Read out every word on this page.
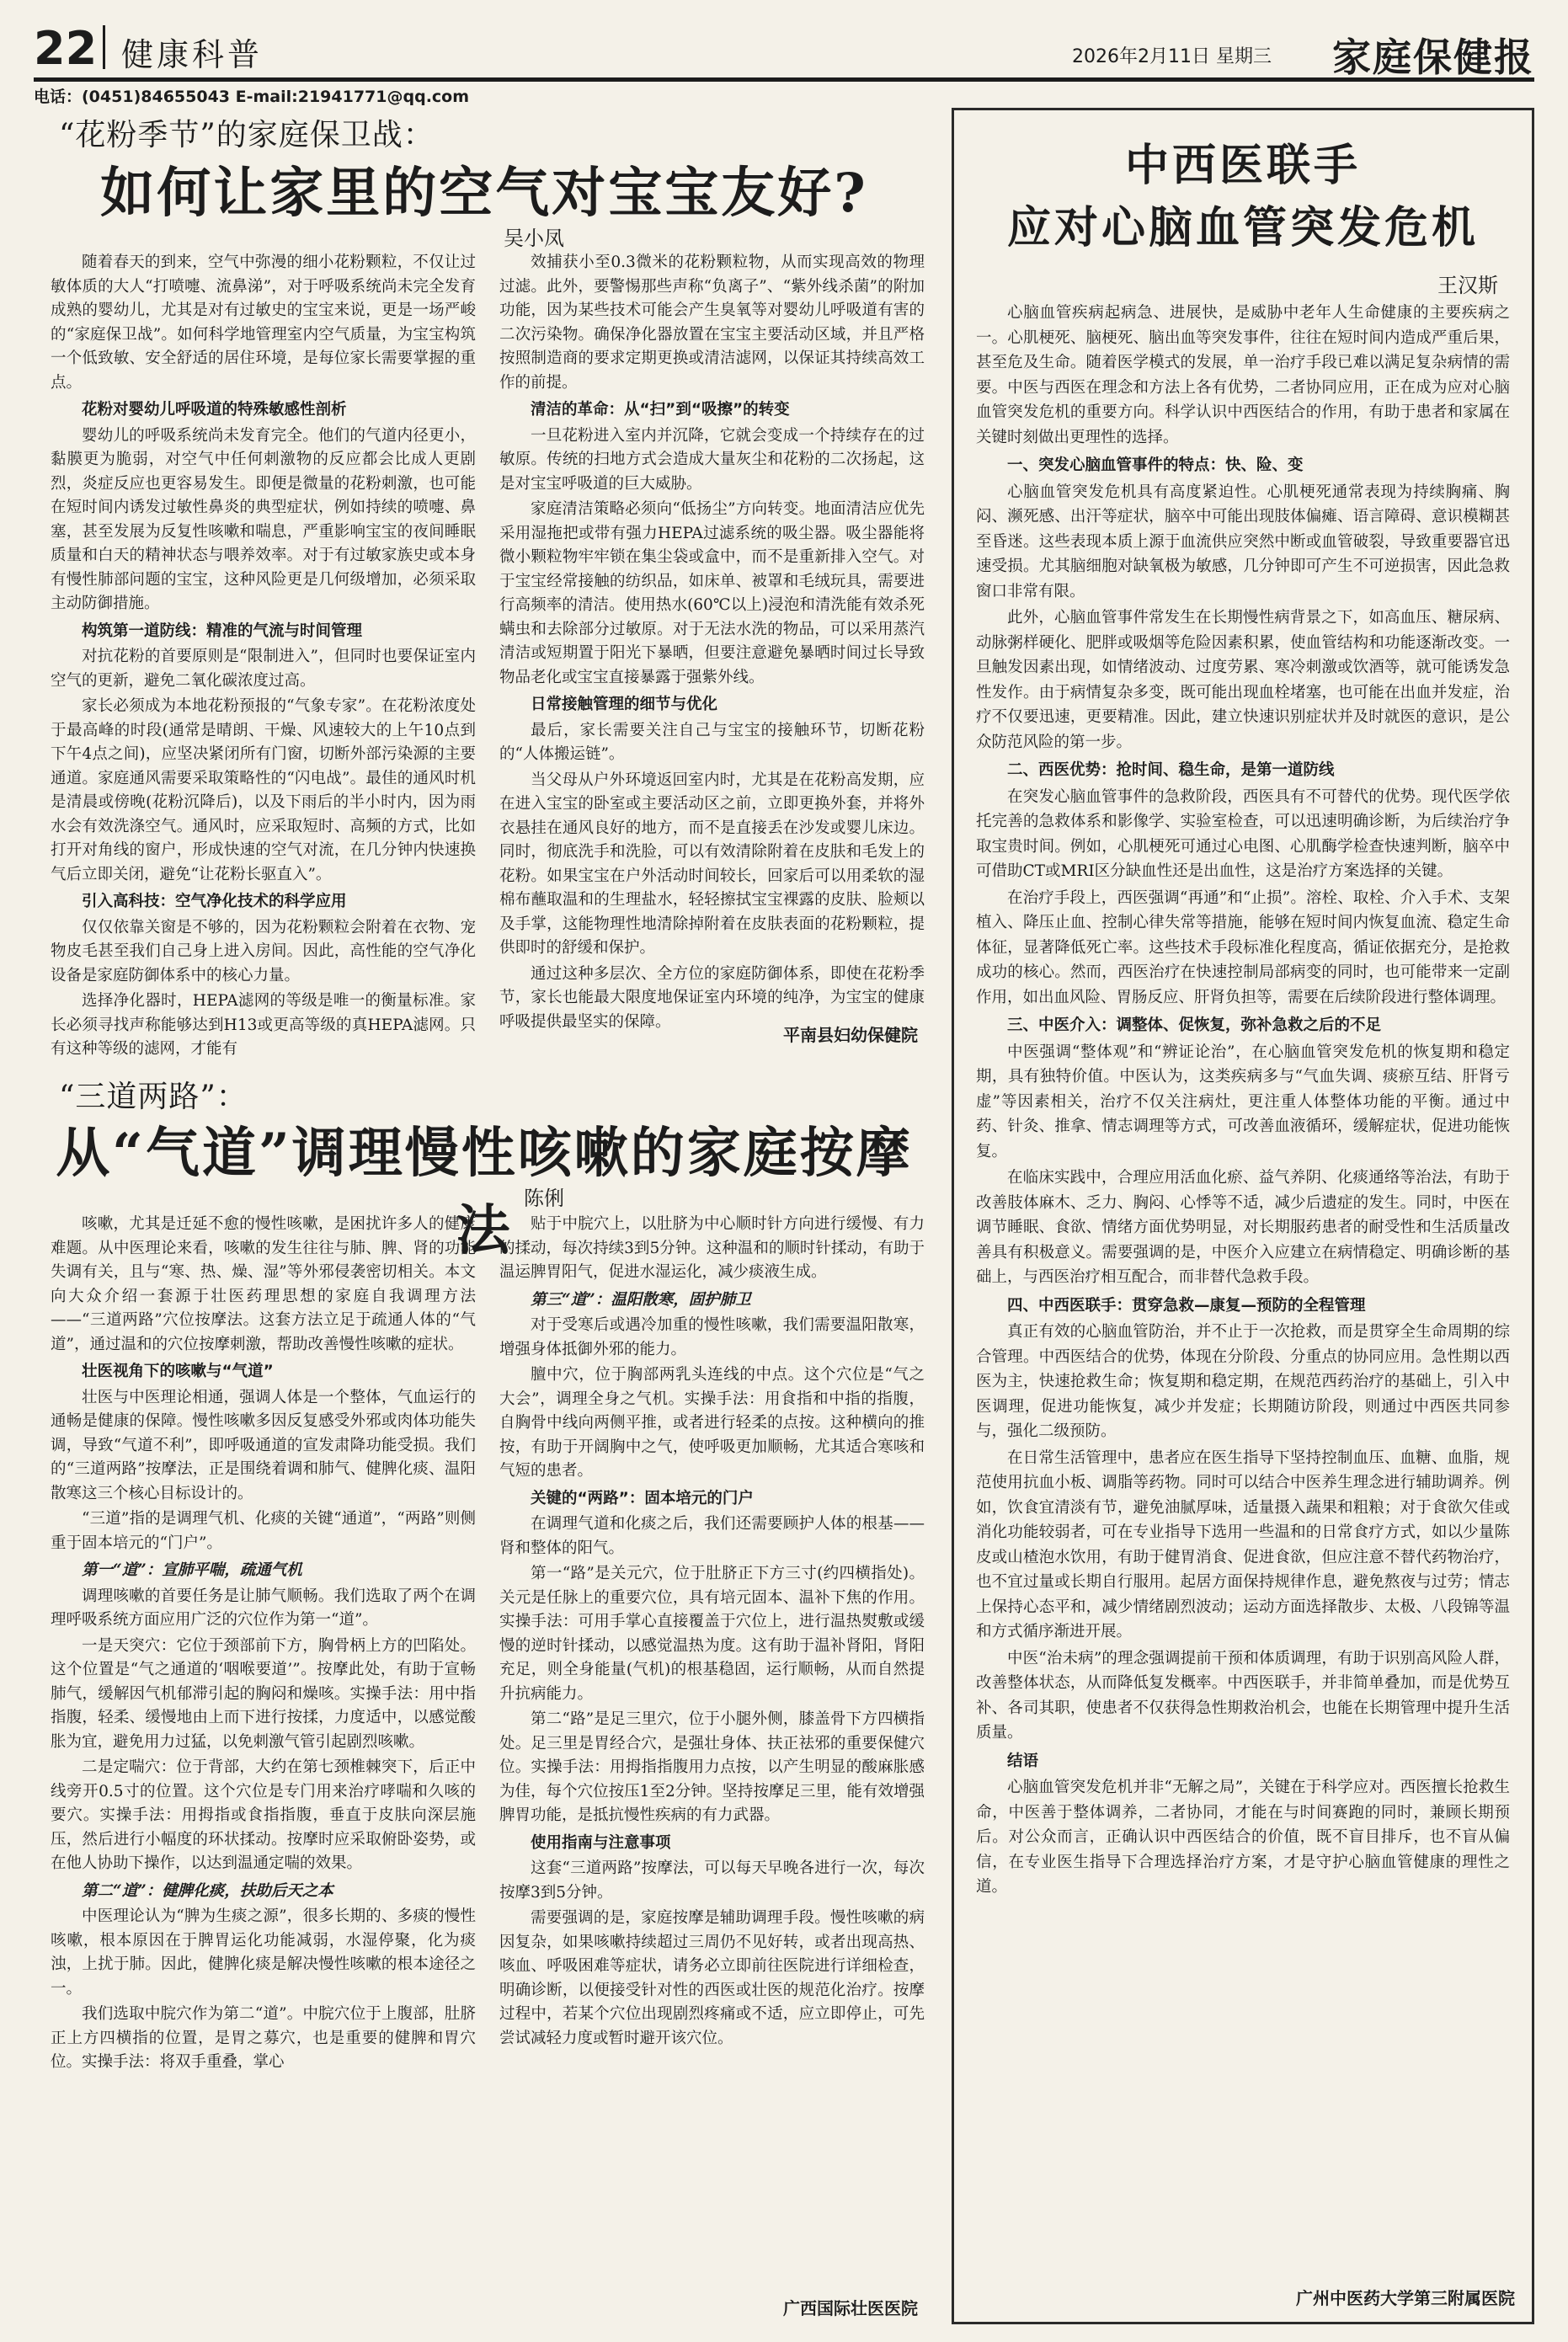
22 健康科普	2026年2月11日 星期三 家庭保健报
电话：(0451)84655043 E-mail:21941771@qq.com
“花粉季节”的家庭保卫战：
如何让家里的空气对宝宝友好?
吴小凤

随着春天的到来，空气中弥漫的细小花粉颗粒，不仅让过敏体质的大人“打喷嚏、流鼻涕”，对于呼吸系统尚未完全发育成熟的婴幼儿，尤其是对有过敏史的宝宝来说，更是一场严峻的“家庭保卫战”。如何科学地管理室内空气质量，为宝宝构筑一个低致敏、安全舒适的居住环境，是每位家长需要掌握的重点。

花粉对婴幼儿呼吸道的特殊敏感性剖析

婴幼儿的呼吸系统尚未发育完全。他们的气道内径更小，黏膜更为脆弱，对空气中任何刺激物的反应都会比成人更剧烈，炎症反应也更容易发生。即便是微量的花粉刺激，也可能在短时间内诱发过敏性鼻炎的典型症状，例如持续的喷嚏、鼻塞，甚至发展为反复性咳嗽和喘息，严重影响宝宝的夜间睡眠质量和白天的精神状态与喂养效率。对于有过敏家族史或本身有慢性肺部问题的宝宝，这种风险更是几何级增加，必须采取主动防御措施。

构筑第一道防线：精准的气流与时间管理

对抗花粉的首要原则是“限制进入”，但同时也要保证室内空气的更新，避免二氧化碳浓度过高。

家长必须成为本地花粉预报的“气象专家”。在花粉浓度处于最高峰的时段(通常是晴朗、干燥、风速较大的上午10点到下午4点之间)，应坚决紧闭所有门窗，切断外部污染源的主要通道。家庭通风需要采取策略性的“闪电战”。最佳的通风时机是清晨或傍晚(花粉沉降后)，以及下雨后的半小时内，因为雨水会有效洗涤空气。通风时，应采取短时、高频的方式，比如打开对角线的窗户，形成快速的空气对流，在几分钟内快速换气后立即关闭，避免“让花粉长驱直入”。

引入高科技：空气净化技术的科学应用

仅仅依靠关窗是不够的，因为花粉颗粒会附着在衣物、宠物皮毛甚至我们自己身上进入房间。因此，高性能的空气净化设备是家庭防御体系中的核心力量。

选择净化器时，HEPA滤网的等级是唯一的衡量标准。家长必须寻找声称能够达到H13或更高等级的真HEPA滤网。只有这种等级的滤网，才能有

效捕获小至0.3微米的花粉颗粒物，从而实现高效的物理过滤。此外，要警惕那些声称“负离子”、“紫外线杀菌”的附加功能，因为某些技术可能会产生臭氧等对婴幼儿呼吸道有害的二次污染物。确保净化器放置在宝宝主要活动区域，并且严格按照制造商的要求定期更换或清洁滤网，以保证其持续高效工作的前提。

清洁的革命：从“扫”到“吸擦”的转变

一旦花粉进入室内并沉降，它就会变成一个持续存在的过敏原。传统的扫地方式会造成大量灰尘和花粉的二次扬起，这是对宝宝呼吸道的巨大威胁。

家庭清洁策略必须向“低扬尘”方向转变。地面清洁应优先采用湿拖把或带有强力HEPA过滤系统的吸尘器。吸尘器能将微小颗粒物牢牢锁在集尘袋或盒中，而不是重新排入空气。对于宝宝经常接触的纺织品，如床单、被罩和毛绒玩具，需要进行高频率的清洁。使用热水(60℃以上)浸泡和清洗能有效杀死螨虫和去除部分过敏原。对于无法水洗的物品，可以采用蒸汽清洁或短期置于阳光下暴晒，但要注意避免暴晒时间过长导致物品老化或宝宝直接暴露于强紫外线。

日常接触管理的细节与优化

最后，家长需要关注自己与宝宝的接触环节，切断花粉的“人体搬运链”。

当父母从户外环境返回室内时，尤其是在花粉高发期，应在进入宝宝的卧室或主要活动区之前，立即更换外套，并将外衣悬挂在通风良好的地方，而不是直接丢在沙发或婴儿床边。同时，彻底洗手和洗脸，可以有效清除附着在皮肤和毛发上的花粉。如果宝宝在户外活动时间较长，回家后可以用柔软的湿棉布蘸取温和的生理盐水，轻轻擦拭宝宝裸露的皮肤、脸颊以及手掌，这能物理性地清除掉附着在皮肤表面的花粉颗粒，提供即时的舒缓和保护。

通过这种多层次、全方位的家庭防御体系，即使在花粉季节，家长也能最大限度地保证室内环境的纯净，为宝宝的健康呼吸提供最坚实的保障。

平南县妇幼保健院
“三道两路”：
从“气道”调理慢性咳嗽的家庭按摩法
陈俐

咳嗽，尤其是迁延不愈的慢性咳嗽，是困扰许多人的健康难题。从中医理论来看，咳嗽的发生往往与肺、脾、肾的功能失调有关，且与“寒、热、燥、湿”等外邪侵袭密切相关。本文向大众介绍一套源于壮医药理思想的家庭自我调理方法——“三道两路”穴位按摩法。这套方法立足于疏通人体的“气道”，通过温和的穴位按摩刺激，帮助改善慢性咳嗽的症状。

壮医视角下的咳嗽与“气道”

壮医与中医理论相通，强调人体是一个整体，气血运行的通畅是健康的保障。慢性咳嗽多因反复感受外邪或肉体功能失调，导致“气道不利”，即呼吸通道的宣发肃降功能受损。我们的“三道两路”按摩法，正是围绕着调和肺气、健脾化痰、温阳散寒这三个核心目标设计的。

“三道”指的是调理气机、化痰的关键“通道”，“两路”则侧重于固本培元的“门户”。

第一“道”：宣肺平喘，疏通气机

调理咳嗽的首要任务是让肺气顺畅。我们选取了两个在调理呼吸系统方面应用广泛的穴位作为第一“道”。

一是天突穴：它位于颈部前下方，胸骨柄上方的凹陷处。这个位置是“气之通道的‘咽喉要道’”。按摩此处，有助于宣畅肺气，缓解因气机郁滞引起的胸闷和燥咳。实操手法：用中指指腹，轻柔、缓慢地由上而下进行按揉，力度适中，以感觉酸胀为宜，避免用力过猛，以免刺激气管引起剧烈咳嗽。

二是定喘穴：位于背部，大约在第七颈椎棘突下，后正中线旁开0.5寸的位置。这个穴位是专门用来治疗哮喘和久咳的要穴。实操手法：用拇指或食指指腹，垂直于皮肤向深层施压，然后进行小幅度的环状揉动。按摩时应采取俯卧姿势，或在他人协助下操作，以达到温通定喘的效果。

第二“道”：健脾化痰，扶助后天之本

中医理论认为“脾为生痰之源”，很多长期的、多痰的慢性咳嗽，根本原因在于脾胃运化功能减弱，水湿停聚，化为痰浊，上扰于肺。因此，健脾化痰是解决慢性咳嗽的根本途径之一。

我们选取中脘穴作为第二“道”。中脘穴位于上腹部，肚脐正上方四横指的位置，是胃之募穴，也是重要的健脾和胃穴位。实操手法：将双手重叠，掌心

贴于中脘穴上，以肚脐为中心顺时针方向进行缓慢、有力的揉动，每次持续3到5分钟。这种温和的顺时针揉动，有助于温运脾胃阳气，促进水湿运化，减少痰液生成。

第三“道”：温阳散寒，固护肺卫

对于受寒后或遇冷加重的慢性咳嗽，我们需要温阳散寒，增强身体抵御外邪的能力。

膻中穴，位于胸部两乳头连线的中点。这个穴位是“气之大会”，调理全身之气机。实操手法：用食指和中指的指腹，自胸骨中线向两侧平推，或者进行轻柔的点按。这种横向的推按，有助于开阔胸中之气，使呼吸更加顺畅，尤其适合寒咳和气短的患者。

关键的“两路”：固本培元的门户

在调理气道和化痰之后，我们还需要顾护人体的根基——肾和整体的阳气。

第一“路”是关元穴，位于肚脐正下方三寸(约四横指处)。关元是任脉上的重要穴位，具有培元固本、温补下焦的作用。实操手法：可用手掌心直接覆盖于穴位上，进行温热熨敷或缓慢的逆时针揉动，以感觉温热为度。这有助于温补肾阳，肾阳充足，则全身能量(气机)的根基稳固，运行顺畅，从而自然提升抗病能力。

第二“路”是足三里穴，位于小腿外侧，膝盖骨下方四横指处。足三里是胃经合穴，是强壮身体、扶正祛邪的重要保健穴位。实操手法：用拇指指腹用力点按，以产生明显的酸麻胀感为佳，每个穴位按压1至2分钟。坚持按摩足三里，能有效增强脾胃功能，是抵抗慢性疾病的有力武器。

使用指南与注意事项

这套“三道两路”按摩法，可以每天早晚各进行一次，每次按摩3到5分钟。

需要强调的是，家庭按摩是辅助调理手段。慢性咳嗽的病因复杂，如果咳嗽持续超过三周仍不见好转，或者出现高热、咳血、呼吸困难等症状，请务必立即前往医院进行详细检查，明确诊断，以便接受针对性的西医或壮医的规范化治疗。按摩过程中，若某个穴位出现剧烈疼痛或不适，应立即停止，可先尝试减轻力度或暂时避开该穴位。

广西国际壮医医院
中西医联手
应对心脑血管突发危机
王汉斯

心脑血管疾病起病急、进展快，是威胁中老年人生命健康的主要疾病之一。心肌梗死、脑梗死、脑出血等突发事件，往往在短时间内造成严重后果，甚至危及生命。随着医学模式的发展，单一治疗手段已难以满足复杂病情的需要。中医与西医在理念和方法上各有优势，二者协同应用，正在成为应对心脑血管突发危机的重要方向。科学认识中西医结合的作用，有助于患者和家属在关键时刻做出更理性的选择。

一、突发心脑血管事件的特点：快、险、变

心脑血管突发危机具有高度紧迫性。心肌梗死通常表现为持续胸痛、胸闷、濒死感、出汗等症状，脑卒中可能出现肢体偏瘫、语言障碍、意识模糊甚至昏迷。这些表现本质上源于血流供应突然中断或血管破裂，导致重要器官迅速受损。尤其脑细胞对缺氧极为敏感，几分钟即可产生不可逆损害，因此急救窗口非常有限。

此外，心脑血管事件常发生在长期慢性病背景之下，如高血压、糖尿病、动脉粥样硬化、肥胖或吸烟等危险因素积累，使血管结构和功能逐渐改变。一旦触发因素出现，如情绪波动、过度劳累、寒冷刺激或饮酒等，就可能诱发急性发作。由于病情复杂多变，既可能出现血栓堵塞，也可能在出血并发症，治疗不仅要迅速，更要精准。因此，建立快速识别症状并及时就医的意识，是公众防范风险的第一步。

二、西医优势：抢时间、稳生命，是第一道防线

在突发心脑血管事件的急救阶段，西医具有不可替代的优势。现代医学依托完善的急救体系和影像学、实验室检查，可以迅速明确诊断，为后续治疗争取宝贵时间。例如，心肌梗死可通过心电图、心肌酶学检查快速判断，脑卒中可借助CT或MRI区分缺血性还是出血性，这是治疗方案选择的关键。

在治疗手段上，西医强调“再通”和“止损”。溶栓、取栓、介入手术、支架植入、降压止血、控制心律失常等措施，能够在短时间内恢复血流、稳定生命体征，显著降低死亡率。这些技术手段标准化程度高，循证依据充分，是抢救成功的核心。然而，西医治疗在快速控制局部病变的同时，也可能带来一定副作用，如出血风险、胃肠反应、肝肾负担等，需要在后续阶段进行整体调理。

三、中医介入：调整体、促恢复，弥补急救之后的不足

中医强调“整体观”和“辨证论治”，在心脑血管突发危机的恢复期和稳定期，具有独特价值。中医认为，这类疾病多与“气血失调、痰瘀互结、肝肾亏虚”等因素相关，治疗不仅关注病灶，更注重人体整体功能的平衡。通过中药、针灸、推拿、情志调理等方式，可改善血液循环，缓解症状，促进功能恢复。

在临床实践中，合理应用活血化瘀、益气养阴、化痰通络等治法，有助于改善肢体麻木、乏力、胸闷、心悸等不适，减少后遗症的发生。同时，中医在调节睡眠、食欲、情绪方面优势明显，对长期服药患者的耐受性和生活质量改善具有积极意义。需要强调的是，中医介入应建立在病情稳定、明确诊断的基础上，与西医治疗相互配合，而非替代急救手段。

四、中西医联手：贯穿急救—康复—预防的全程管理

真正有效的心脑血管防治，并不止于一次抢救，而是贯穿全生命周期的综合管理。中西医结合的优势，体现在分阶段、分重点的协同应用。急性期以西医为主，快速抢救生命；恢复期和稳定期，在规范西药治疗的基础上，引入中医调理，促进功能恢复，减少并发症；长期随访阶段，则通过中西医共同参与，强化二级预防。

在日常生活管理中，患者应在医生指导下坚持控制血压、血糖、血脂，规范使用抗血小板、调脂等药物。同时可以结合中医养生理念进行辅助调养。例如，饮食宜清淡有节，避免油腻厚味，适量摄入蔬果和粗粮；对于食欲欠佳或消化功能较弱者，可在专业指导下选用一些温和的日常食疗方式，如以少量陈皮或山楂泡水饮用，有助于健胃消食、促进食欲，但应注意不替代药物治疗，也不宜过量或长期自行服用。起居方面保持规律作息，避免熬夜与过劳；情志上保持心态平和，减少情绪剧烈波动；运动方面选择散步、太极、八段锦等温和方式循序渐进开展。

中医“治未病”的理念强调提前干预和体质调理，有助于识别高风险人群，改善整体状态，从而降低复发概率。中西医联手，并非简单叠加，而是优势互补、各司其职，使患者不仅获得急性期救治机会，也能在长期管理中提升生活质量。

结语

心脑血管突发危机并非“无解之局”，关键在于科学应对。西医擅长抢救生命，中医善于整体调养，二者协同，才能在与时间赛跑的同时，兼顾长期预后。对公众而言，正确认识中西医结合的价值，既不盲目排斥，也不盲从偏信，在专业医生指导下合理选择治疗方案，才是守护心脑血管健康的理性之道。

广州中医药大学第三附属医院
